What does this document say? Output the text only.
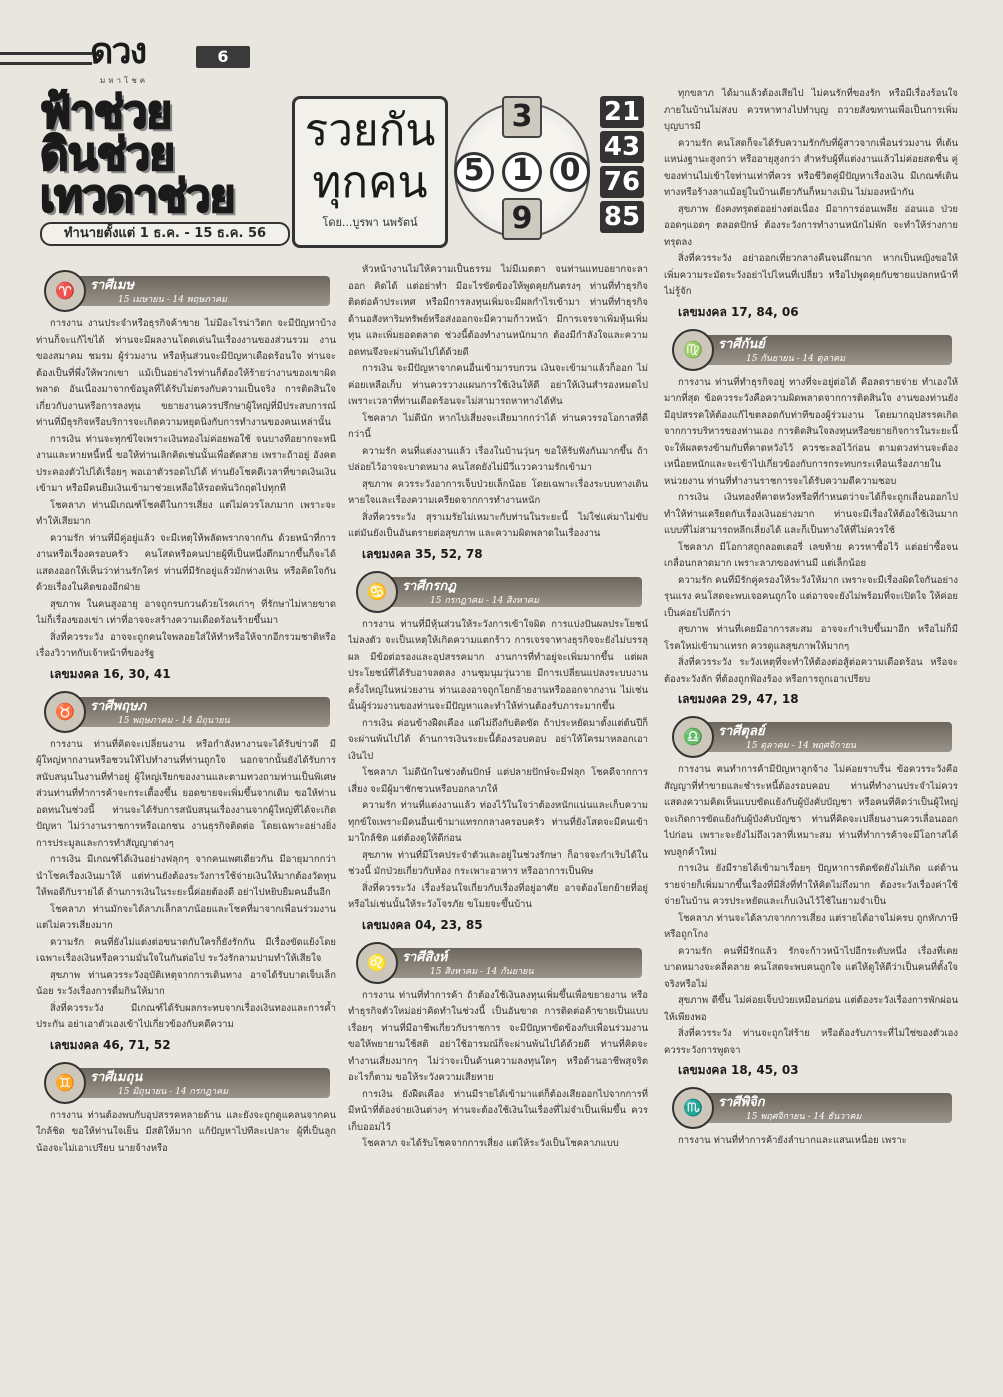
ดวง
มหาโชค
6
ฟ้าช่วย
ดินช่วย
เทวดาช่วย
ทำนายตั้งแต่ 1 ธ.ค. - 15 ธ.ค. 56
รวยกัน
ทุกคน
โดย...บูรพา นพรัตน์
3
5 1 0
9
21
43
76
85

ทุกขลาภ ได้มาแล้วต้องเสียไป ไม่คนรักที่ของรัก หรือมีเรื่องร้อนใจภายในบ้านไม่สงบ ควรหาทางไปทำบุญ ถวายสังฆทานเพื่อเป็นการเพิ่มบุญบารมี

ความรัก คนโสดก็จะได้รับความรักกับที่ผู้สาวจากเพื่อนร่วมงาน ที่เต้นแหน่งฐานะสูงกว่า หรืออายุสูงกว่า สำหรับผู้ที่แต่งงานแล้วไม่ค่อยสดชื่น คู่ของท่านไม่เข้าใจท่านเท่าที่ควร หรือชีวิตคู่มีปัญหาเรื่องเงิน มีเกณฑ์เดินทางหรือร้างลาแม้อยู่ในบ้านเดียวกันก็หมางเมิน ไม่มองหน้ากัน

สุขภาพ ยังคงทรุดต่ออย่างต่อเนื่อง มีอาการอ่อนเพลีย อ่อนแอ ป่วยออดๆแอดๆ ตลอดปักษ์ ต้องระวังการทำงานหนักไม่พัก จะทำให้ร่างกายทรุดลง

สิ่งที่ควรระวัง อย่าออกเที่ยวกลางคืนจนดึกมาก หากเป็นหญิงขอให้เพิ่มความระมัดระวังอย่าไปไหนที่เปลี่ยว หรือไปพูดคุยกับชายแปลกหน้าที่ไม่รู้จัก

เลขมงคล 17, 84, 06
ราศีกันย์
15 กันยายน - 14 ตุลาคม
♍

การงาน ท่านที่ทำธุรกิจอยู่ ทางที่จะอยู่ต่อได้ คือลดรายจ่าย ทำเองให้มากที่สุด ข้อควรระวังคือความผิดพลาดจากการติดสินใจ งานของท่านยังมีอุปสรรคให้ต้องแก้ไขตลอดกับท่าทีของผู้ร่วมงาน โดยมากอุปสรรคเกิดจากการบริหารของท่านเอง การติดสินใจลงทุนหรือขยายกิจการในระยะนี้ จะให้ผลตรงข้ามกับที่คาดหวังไว้ ควรชะลอไว้ก่อน ตามดวงท่านจะต้องเหนื่อยหนักและจะเข้าไปเกี่ยวข้องกับการกระทบกระเทือนเรื่องภายในหน่วยงาน ท่านที่ทำงานราชการจะได้รับความดีความชอบ

การเงิน เงินทองที่คาดหวังหรือที่กำหนดว่าจะได้ก็จะถูกเลื่อนออกไป ทำให้ท่านเครียดกับเรื่องเงินอย่างมาก ท่านจะมีเรื่องให้ต้องใช้เงินมาก แบบที่ไม่สามารถหลีกเลี่ยงได้ และก็เป็นทางให้ที่ไม่ควรใช้

โชคลาภ มีโอกาสถูกลอตเตอรี่ เลขท้าย ควรหาซื้อไว้ แต่อย่าซื้อจนเกลื่อนกลาดมาก เพราะลาภของท่านมี แต่เล็กน้อย

ความรัก คนที่มีรักคู่ครองให้ระวังให้มาก เพราะจะมีเรื่องผิดใจกันอย่างรุนแรง คนโสดจะพบเจอคนถูกใจ แต่อาจจะยังไม่พร้อมที่จะเปิดใจ ให้ค่อยเป็นค่อยไปดีกว่า

สุขภาพ ท่านที่เคยมีอาการสะสม อาจจะกำเริบขึ้นมาอีก หรือไม่ก็มีโรคใหม่เข้ามาแทรก ควรดูแลสุขภาพให้มากๆ

สิ่งที่ควรระวัง ระวังเหตุที่จะทำให้ต้องต่อสู้ต่อความเดือดร้อน หรือจะต้องระวังลัก ที่ต้องถูกฟ้องร้อง หรือการถูกเอาเปรียบ

เลขมงคล 29, 47, 18
ราศีตุลย์
15 ตุลาคม - 14 พฤศจิกายน
♎

การงาน คนทำการค้ามีปัญหาลูกจ้าง ไม่ค่อยราบรื่น ข้อควรระวังคือสัญญาที่ทำขายและชำระหนี้ต้องรอบคอบ ท่านที่ทำงานประจำไม่ควรแสดงความคิดเห็นแบบขัดแย้งกับผู้บังคับบัญชา หรือคนที่คิดว่าเป็นผู้ใหญ่จะเกิดการขัดแย้งกับผู้บังคับบัญชา ท่านที่คิดจะเปลี่ยนงานควรเลื่อนออกไปก่อน เพราะจะยังไม่ถึงเวลาที่เหมาะสม ท่านที่ทำการค้าจะมีโอกาสได้พบลูกค้าใหม่

การเงิน ยังมีรายได้เข้ามาเรื่อยๆ ปัญหาการติดขัดยังไม่เกิด แต่ด้านรายจ่ายก็เพิ่มมากขึ้นเรื่องที่มีสิ่งที่ทำให้คิดไม่ถึงมาก ต้องระวังเรื่องค่าใช้จ่ายในบ้าน ควรประหยัดและเก็บเงินไว้ใช้ในยามจำเป็น

โชคลาภ ท่านจะได้ลาภจากการเสี่ยง แต่รายได้อาจไม่ครบ ถูกหักภาษีหรือถูกโกง

ความรัก คนที่มีรักแล้ว รักจะก้าวหน้าไปอีกระดับหนึ่ง เรื่องที่เคยบาดหมางจะคลี่คลาย คนโสดจะพบคนถูกใจ แต่ให้ดูให้ดีว่าเป็นคนที่ตั้งใจจริงหรือไม่

สุขภาพ ดีขึ้น ไม่ค่อยเจ็บป่วยเหมือนก่อน แต่ต้องระวังเรื่องการพักผ่อนให้เพียงพอ

สิ่งที่ควรระวัง ท่านจะถูกใส่ร้าย หรือต้องรับภาระที่ไม่ใช่ของตัวเอง ควรระวังการพูดจา

เลขมงคล 18, 45, 03
ราศีพิจิก
15 พฤศจิกายน - 14 ธันวาคม
♏

การงาน ท่านที่ทำการค้ายังลำบากและแสนเหนื่อย เพราะ

ราศีเมษ
15 เมษายน - 14 พฤษภาคม
♈

การงาน งานประจำหรือธุรกิจค้าขาย ไม่มีอะไรน่าวิตก จะมีปัญหาบ้าง ท่านก็จะแก้ไขได้ ท่านจะมีผลงานโดดเด่นในเรื่องงานของส่วนรวม งานของสมาคม ชมรม ผู้ร่วมงาน หรือหุ้นส่วนจะมีปัญหาเดือดร้อนใจ ท่านจะต้องเป็นที่พึ่งให้พวกเขา แม้เป็นอย่างไรท่านก็ต้องให้ร้ายว่างานของเขาผิดพลาด อันเนื่องมาจากข้อมูลที่ได้รับไม่ตรงกับความเป็นจริง การติดสินใจเกี่ยวกับงานหรือการลงทุน ขยายงานควรปรึกษาผู้ใหญ่ที่มีประสบการณ์ ท่านที่มีธุรกิจหรือบริการจะเกิดความหยุดนิ่งกับการทำงานของคนเหล่านั้น

การเงิน ท่านจะทุกข์ใจเพราะเงินทองไม่ค่อยพอใช้ จนบางทีอยากจะหนีงานและหายหนี้หนี้ ขอให้ท่านเลิกคิดเช่นนั้นเพื่อตัดสาย เพราะถ้าอยู่ อังคตประคองตัวไปได้เรื่อยๆ พอเอาตัวรอดไปได้ ท่านยังโชคดีเวลาที่ขาดเงินเงินเข้ามา หรือมีคนยืมเงินเข้ามาช่วยเหลือให้รอดพ้นวิกฤตไปทุกที

โชคลาภ ท่านมีเกณฑ์โชคดีในการเสี่ยง แต่ไม่ควรโลภมาก เพราะจะทำให้เสียมาก

ความรัก ท่านที่มีคู่อยู่แล้ว จะมีเหตุให้พลัดพรากจากกัน ด้วยหน้าที่การงานหรือเรื่องครอบครัว คนโสดหรือคนปายผู้ที่เป็นหนึ่งตึกมากขึ้นก็จะได้แสดงออกให้เห็นว่าท่านรักใคร่ ท่านที่มีรักอยู่แล้วมักห่างเหิน หรือคิดใจกันด้วยเรื่องในคิดของอีกฝ่าย

สุขภาพ ในคนสูงอายุ อาจถูกรบกวนด้วยโรคเก่าๆ ที่รักษาไม่หายขาด ไม่ก็เรื่องของเข่า เท่าที่อาจจะสร้างความเดือดร้อนร้ายขึ้นมา

สิ่งที่ควรระวัง อาจจะถูกคนใจพลอยใส่ให้ทำหรือให้จากอีกรวมชาติหรือเรื่องวิวาทกับเจ้าหน้าที่ของรัฐ

เลขมงคล 16, 30, 41
ราศีพฤษภ
15 พฤษภาคม - 14 มิถุนายน
♉

การงาน ท่านที่คิดจะเปลี่ยนงาน หรือกำลังหางานจะได้รับข่าวดี มีผู้ใหญ่หากงานหรือชวนให้ไปทำงานที่ท่านถูกใจ นอกจากนั้นยังได้รับการสนับสนุนในงานที่ทำอยู่ ผู้ใหญ่เรียกของงานและตามทวงถามท่านเป็นพิเศษ ส่วนท่านที่ทำการค้าจะกระเตื้องขึ้น ยอดขายจะเพิ่มขึ้นจากเดิม ขอให้ท่านอดทนในช่วงนี้ ท่านจะได้รับการสนับสนุนเรื่องงานจากผู้ใหญ่ที่ได้จะเกิดปัญหา ไม่ว่างานราชการหรือเอกชน งานธุรกิจติดต่อ โดยเฉพาะอย่างยิ่งการประมูลและการทำสัญญาต่างๆ

การเงิน มีเกณฑ์ได้เงินอย่างฟลุกๆ จากคนเพศเดียวกัน มีอายุมากกว่า นำโชคเรื่องเงินมาให้ แต่ท่านยังต้องระวังการใช้จ่ายเงินให้มากต้องวัดทุนให้พอดีกับรายได้ ด้านการเงินในระยะนี้ค่อยต้องดี อย่าไปหยิบยืมคนอื่นอีก

โชคลาภ ท่านมักจะได้ลาภเล็กลาภน้อยและโชคที่มาจากเพื่อนร่วมงาน แต่ไม่ควรเสี่ยงมาก

ความรัก คนที่ยังไม่แต่งต่อขนาดกับใครก็ยังรักกัน มีเรื่องขัดแย้งโดยเฉพาะเรื่องเงินหรือความมั่นใจในกันต่อไป ระวังรักลามปามทำให้เสียใจ

สุขภาพ ท่านควรระวังอุบัติเหตุจากการเดินทาง อาจได้รับบาดเจ็บเล็กน้อย ระวังเรื่องการดื่มกินให้มาก

สิ่งที่ควรระวัง มีเกณฑ์ได้รับผลกระทบจากเรื่องเงินทองและการค้ำประกัน อย่าเอาตัวเองเข้าไปเกี่ยวข้องกับคดีความ

เลขมงคล 46, 71, 52
ราศีเมถุน
15 มิถุนายน - 14 กรกฎาคม
♊

การงาน ท่านต้องพบกับอุปสรรคหลายด้าน และยังจะถูกดูแคลนจากคนใกล้ชิด ขอให้ท่านใจเย็น มีสติให้มาก แก้ปัญหาไปทีละเปลาะ ผู้ที่เป็นลูกน้องจะไม่เอาเปรียบ นายจ้างหรือ

หัวหน้างานไม่ให้ความเป็นธรรม ไม่มีเมตตา จนท่านแทบอยากจะลาออก คิดได้ แต่อย่าทำ มีอะไรขัดข้องให้พูดคุยกันตรงๆ ท่านที่ทำธุรกิจติดต่อค้าประเทศ หรือมีการลงทุนเพิ่มจะมีผลกำไรเข้ามา ท่านที่ทำธุรกิจด้านอสังหาริมทรัพย์หรือส่งออกจะมีความก้าวหน้า มีการเจรจาเพิ่มหุ้นเพิ่มทุน และเพิ่มยอดตลาด ช่วงนี้ต้องทำงานหนักมาก ต้องมีกำลังใจและความอดทนจึงจะผ่านพ้นไปได้ด้วยดี

การเงิน จะมีปัญหาจากคนอื่นเข้ามารบกวน เงินจะเข้ามาแล้วก็ออก ไม่ค่อยเหลือเก็บ ท่านควรวางแผนการใช้เงินให้ดี อย่าให้เงินสำรองหมดไป เพราะเวลาที่ท่านเดือดร้อนจะไม่สามารถหาทางได้ทัน

โชคลาภ ไม่ดีนัก หากไปเสี่ยงจะเสียมากกว่าได้ ท่านควรรอโอกาสที่ดีกว่านี้

ความรัก คนที่แต่งงานแล้ว เรื่องในบ้านวุ่นๆ ขอให้รับฟังกันมากขึ้น ถ้าปล่อยไว้อาจจะบาดหมาง คนโสดยังไม่มีวี่แววความรักเข้ามา

สุขภาพ ควรระวังอาการเจ็บป่วยเล็กน้อย โดยเฉพาะเรื่องระบบทางเดินหายใจและเรื่องความเครียดจากการทำงานหนัก

สิ่งที่ควรระวัง สุราเมรัยไม่เหมาะกับท่านในระยะนี้ ไม่ใช่แค่มาไม่ขับ แต่มันยังเป็นอันตรายต่อสุขภาพ และความผิดพลาดในเรื่องงาน

เลขมงคล 35, 52, 78
ราศีกรกฎ
15 กรกฎาคม - 14 สิงหาคม
♋

การงาน ท่านที่มีหุ้นส่วนให้ระวังการเข้าใจผิด การแบ่งปันผลประโยชน์ไม่ลงตัว จะเป็นเหตุให้เกิดความแตกร้าว การเจรจาทางธุรกิจจะยังไม่บรรลุผล มีข้อต่อรองและอุปสรรคมาก งานการที่ทำอยู่จะเพิ่มมากขึ้น แต่ผลประโยชน์ที่ได้รับอาจลดลง งานชุมนุมวุ่นวาย มีการเปลี่ยนแปลงระบบงานครั้งใหญ่ในหน่วยงาน ท่านเองอาจถูกโยกย้ายงานหรือออกจากงาน ไม่เช่นนั้นผู้ร่วมงานของท่านจะมีปัญหาและทำให้ท่านต้องรับภาระมากขึ้น

การเงิน ค่อนข้างฝืดเคือง แต่ไม่ถึงกับติดขัด ถ้าประหยัดมาตั้งแต่ต้นปีก็จะผ่านพ้นไปได้ ด้านการเงินระยะนี้ต้องรอบคอบ อย่าให้ใครมาหลอกเอาเงินไป

โชคลาภ ไม่ดีนักในช่วงต้นปักษ์ แต่ปลายปักษ์จะมีฟลุก โชคดีจากการเสี่ยง จะมีผู้มาชักชวนหรือบอกลาภให้

ความรัก ท่านที่แต่งงานแล้ว ท่องไว้ในใจว่าต้องหนักแน่นและเก็บความทุกข์ใจเพราะมีคนอื่นเข้ามาแทรกกลางครอบครัว ท่านที่ยังโสดจะมีคนเข้ามาใกล้ชิด แต่ต้องดูให้ดีก่อน

สุขภาพ ท่านที่มีโรคประจำตัวและอยู่ในช่วงรักษา ก็อาจจะกำเริบได้ในช่วงนี้ มักป่วยเกี่ยวกับท้อง กระเพาะอาหาร หรืออาการเป็นพิษ

สิ่งที่ควรระวัง เรื่องร้อนใจเกี่ยวกับเรื่องที่อยู่อาศัย อาจต้องโยกย้ายที่อยู่ หรือไม่เช่นนั้นให้ระวังโจรภัย ขโมยจะขึ้นบ้าน

เลขมงคล 04, 23, 85
ราศีสิงห์
15 สิงหาคม - 14 กันยายน
♌

การงาน ท่านที่ทำการค้า ถ้าต้องใช้เงินลงทุนเพิ่มขึ้นเพื่อขยายงาน หรือทำธุรกิจตัวใหม่อย่าคิดทำในช่วงนี้ เป็นอันขาด การติดต่อค้าขายเป็นแบบเรื่อยๆ ท่านที่มีอาชีพเกี่ยวกับราชการ จะมีปัญหาขัดข้องกับเพื่อนร่วมงาน ขอให้พยายามใช้สติ อย่าใช้อารมณ์ก็จะผ่านพ้นไปได้ด้วยดี ท่านที่คิดจะทำงานเสี่ยงมากๆ ไม่ว่าจะเป็นด้านความลงทุนใดๆ หรือด้านอาชีพสุจริตอะไรก็ตาม ขอให้ระวังความเสียหาย

การเงิน ยังฝืดเคือง ท่านมีรายได้เข้ามาแต่ก็ต้องเสียออกไปจากการที่มีหน้าที่ต้องจ่ายเงินต่างๆ ท่านจะต้องใช้เงินในเรื่องที่ไม่จำเป็นเพิ่มขึ้น ควรเก็บออมไว้

โชคลาภ จะได้รับโชคจากการเสี่ยง แต่ให้ระวังเป็นโชคลาภแบบ
